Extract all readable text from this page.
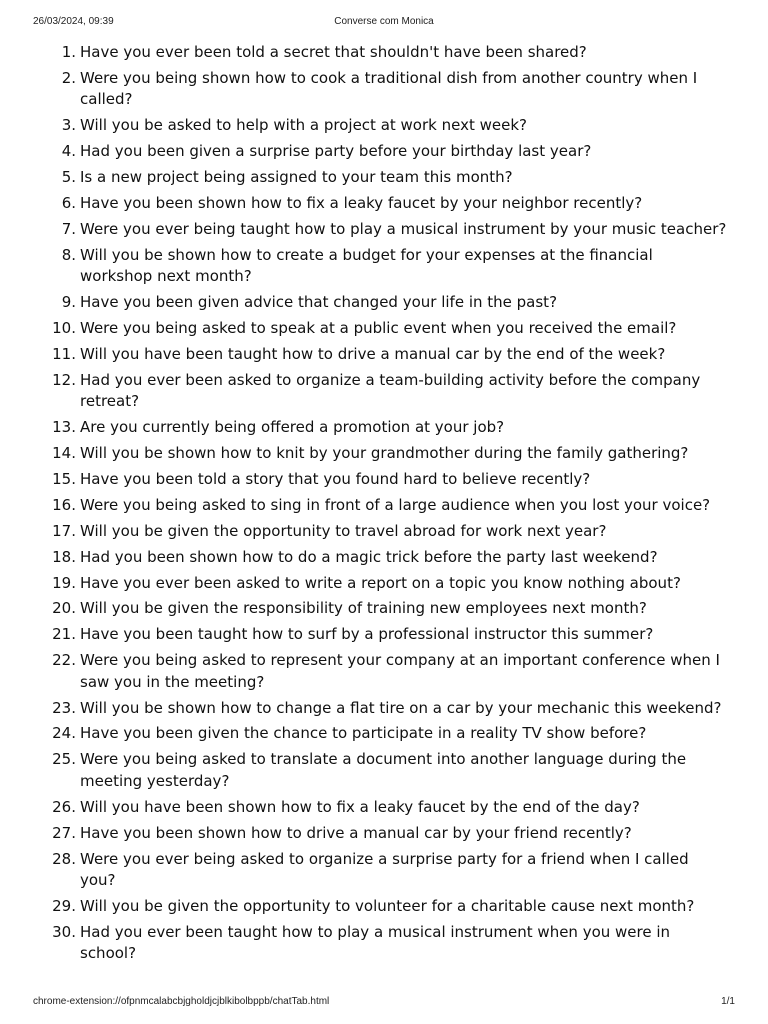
26/03/2024, 09:39	Converse com Monica
1. Have you ever been told a secret that shouldn't have been shared?
2. Were you being shown how to cook a traditional dish from another country when I called?
3. Will you be asked to help with a project at work next week?
4. Had you been given a surprise party before your birthday last year?
5. Is a new project being assigned to your team this month?
6. Have you been shown how to fix a leaky faucet by your neighbor recently?
7. Were you ever being taught how to play a musical instrument by your music teacher?
8. Will you be shown how to create a budget for your expenses at the financial workshop next month?
9. Have you been given advice that changed your life in the past?
10. Were you being asked to speak at a public event when you received the email?
11. Will you have been taught how to drive a manual car by the end of the week?
12. Had you ever been asked to organize a team-building activity before the company retreat?
13. Are you currently being offered a promotion at your job?
14. Will you be shown how to knit by your grandmother during the family gathering?
15. Have you been told a story that you found hard to believe recently?
16. Were you being asked to sing in front of a large audience when you lost your voice?
17. Will you be given the opportunity to travel abroad for work next year?
18. Had you been shown how to do a magic trick before the party last weekend?
19. Have you ever been asked to write a report on a topic you know nothing about?
20. Will you be given the responsibility of training new employees next month?
21. Have you been taught how to surf by a professional instructor this summer?
22. Were you being asked to represent your company at an important conference when I saw you in the meeting?
23. Will you be shown how to change a flat tire on a car by your mechanic this weekend?
24. Have you been given the chance to participate in a reality TV show before?
25. Were you being asked to translate a document into another language during the meeting yesterday?
26. Will you have been shown how to fix a leaky faucet by the end of the day?
27. Have you been shown how to drive a manual car by your friend recently?
28. Were you ever being asked to organize a surprise party for a friend when I called you?
29. Will you be given the opportunity to volunteer for a charitable cause next month?
30. Had you ever been taught how to play a musical instrument when you were in school?
chrome-extension://ofpnmcalabcbjgholdjcjblkibolbppb/chatTab.html	1/1
